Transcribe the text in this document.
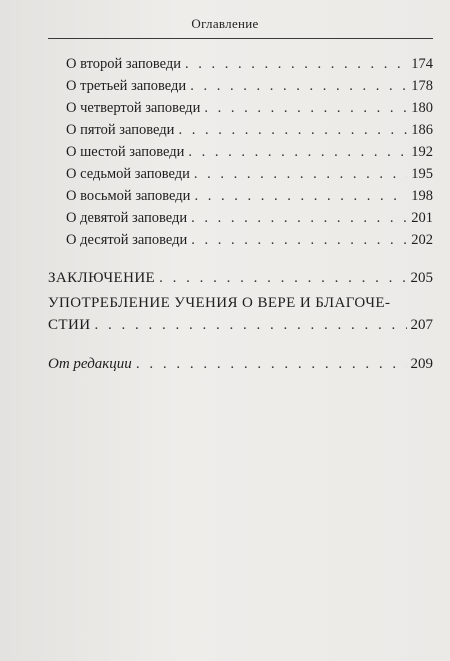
Оглавление
О второй заповеди . . .	174
О третьей заповеди . . .	178
О четвертой заповеди . . .	180
О пятой заповеди . . .	186
О шестой заповеди . . .	192
О седьмой заповеди . . .	195
О восьмой заповеди . . .	198
О девятой заповеди . . .	201
О десятой заповеди . . .	202
ЗАКЛЮЧЕНИЕ . . .	205
УПОТРЕБЛЕНИЕ УЧЕНИЯ О ВЕРЕ И БЛАГОЧЕ-
СТИИ . . .	207
От редакции . . .	209
